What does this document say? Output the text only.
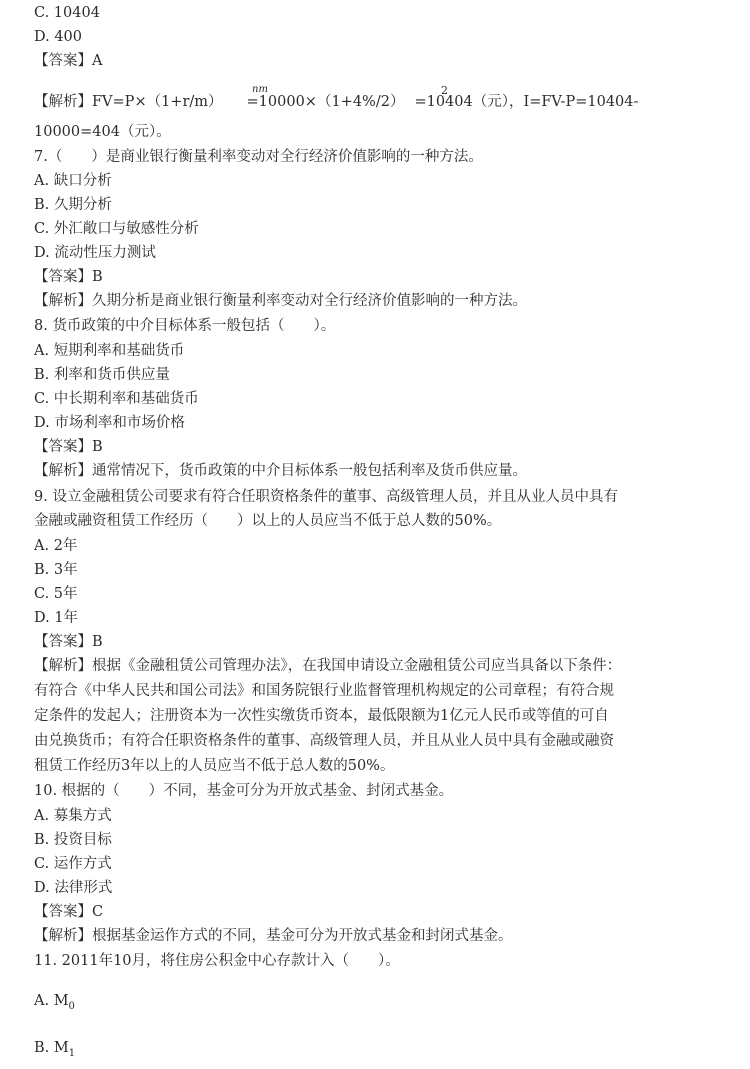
C. 10404
D. 400
【答案】A
【解析】FV=P×（1+r/m） =10000×（1+4%/2） =10404（元），I=FV-P=10404-
nm	2
10000=404（元）。
7.（　　）是商业银行衡量利率变动对全行经济价值影响的一种方法。
A. 缺口分析
B. 久期分析
C. 外汇敞口与敏感性分析
D. 流动性压力测试
【答案】B
【解析】久期分析是商业银行衡量利率变动对全行经济价值影响的一种方法。
8. 货币政策的中介目标体系一般包括（　　）。
A. 短期利率和基础货币
B. 利率和货币供应量
C. 中长期利率和基础货币
D. 市场利率和市场价格
【答案】B
【解析】通常情况下，货币政策的中介目标体系一般包括利率及货币供应量。
9. 设立金融租赁公司要求有符合任职资格条件的董事、高级管理人员，并且从业人员中具有
金融或融资租赁工作经历（　　）以上的人员应当不低于总人数的50%。
A. 2年
B. 3年
C. 5年
D. 1年
【答案】B
【解析】根据《金融租赁公司管理办法》，在我国申请设立金融租赁公司应当具备以下条件：
有符合《中华人民共和国公司法》和国务院银行业监督管理机构规定的公司章程；有符合规
定条件的发起人；注册资本为一次性实缴货币资本，最低限额为1亿元人民币或等值的可自
由兑换货币；有符合任职资格条件的董事、高级管理人员，并且从业人员中具有金融或融资
租赁工作经历3年以上的人员应当不低于总人数的50%。
10. 根据的（　　）不同，基金可分为开放式基金、封闭式基金。
A. 募集方式
B. 投资目标
C. 运作方式
D. 法律形式
【答案】C
【解析】根据基金运作方式的不同，基金可分为开放式基金和封闭式基金。
11. 2011年10月，将住房公积金中心存款计入（　　）。
A. $M_0$
B. $M_1$
